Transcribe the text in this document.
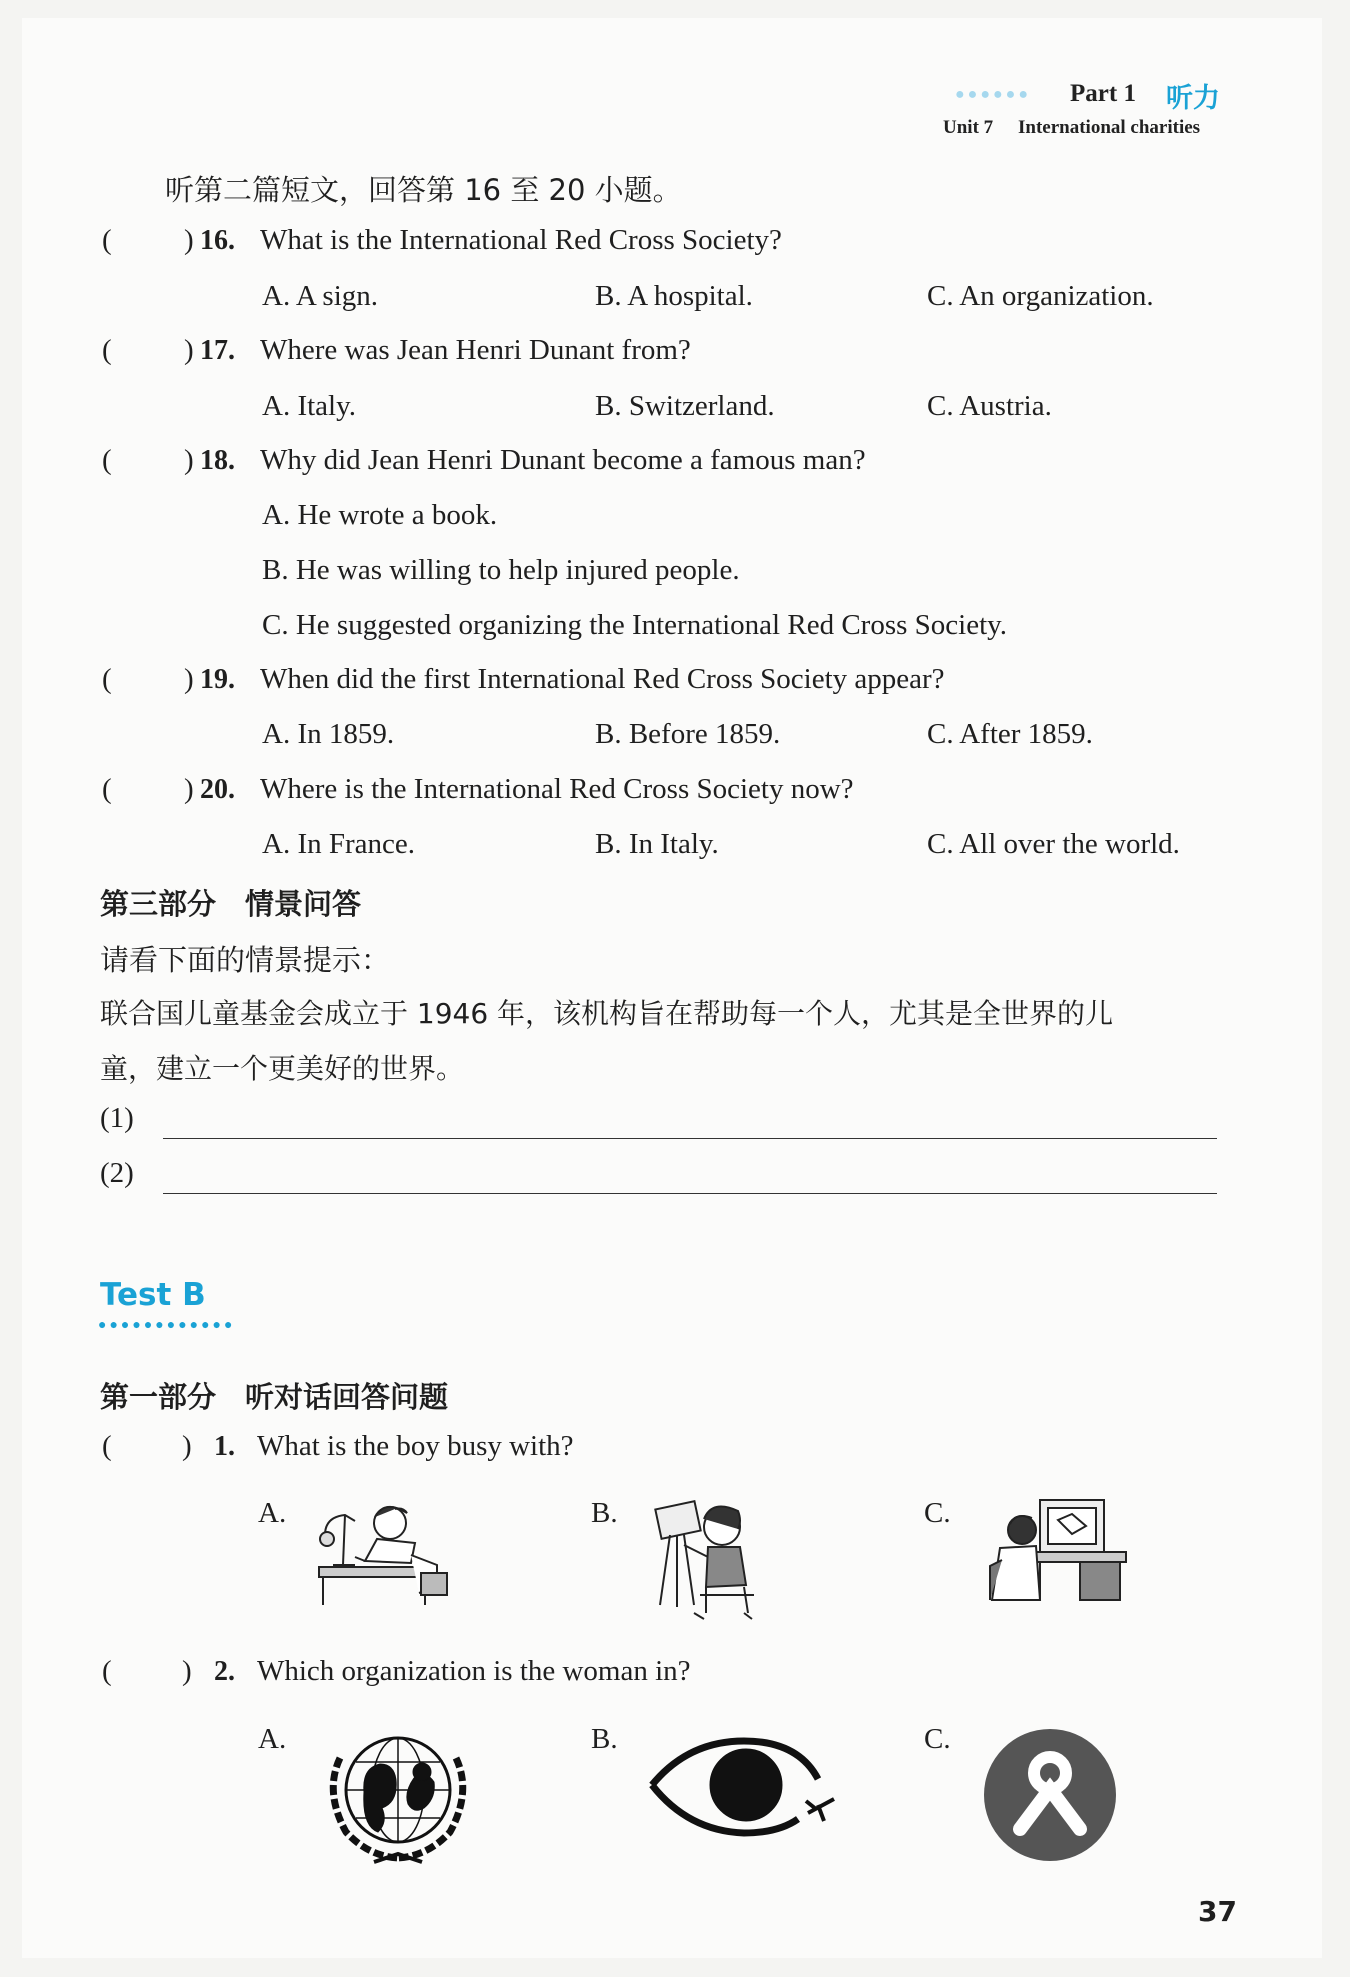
●●●●●● Part 1 听力
Unit 7 International charities
听第二篇短文，回答第 16 至 20 小题。
( ) 16. What is the International Red Cross Society?
A. A sign.	B. A hospital.	C. An organization.
( ) 17. Where was Jean Henri Dunant from?
A. Italy.	B. Switzerland.	C. Austria.
( ) 18. Why did Jean Henri Dunant become a famous man?
A. He wrote a book.
B. He was willing to help injured people.
C. He suggested organizing the International Red Cross Society.
( ) 19. When did the first International Red Cross Society appear?
A. In 1859.	B. Before 1859.	C. After 1859.
( ) 20. Where is the International Red Cross Society now?
A. In France.	B. In Italy.	C. All over the world.
第三部分　情景问答
请看下面的情景提示：
联合国儿童基金会成立于 1946 年，该机构旨在帮助每一个人，尤其是全世界的儿
童，建立一个更美好的世界。
(1)
(2)
Test B
●●●●●●●●●●●●
第一部分　听对话回答问题
( ) 1. What is the boy busy with?
A.	B.	C.
( ) 2. Which organization is the woman in?
A.	B.	C.
37
